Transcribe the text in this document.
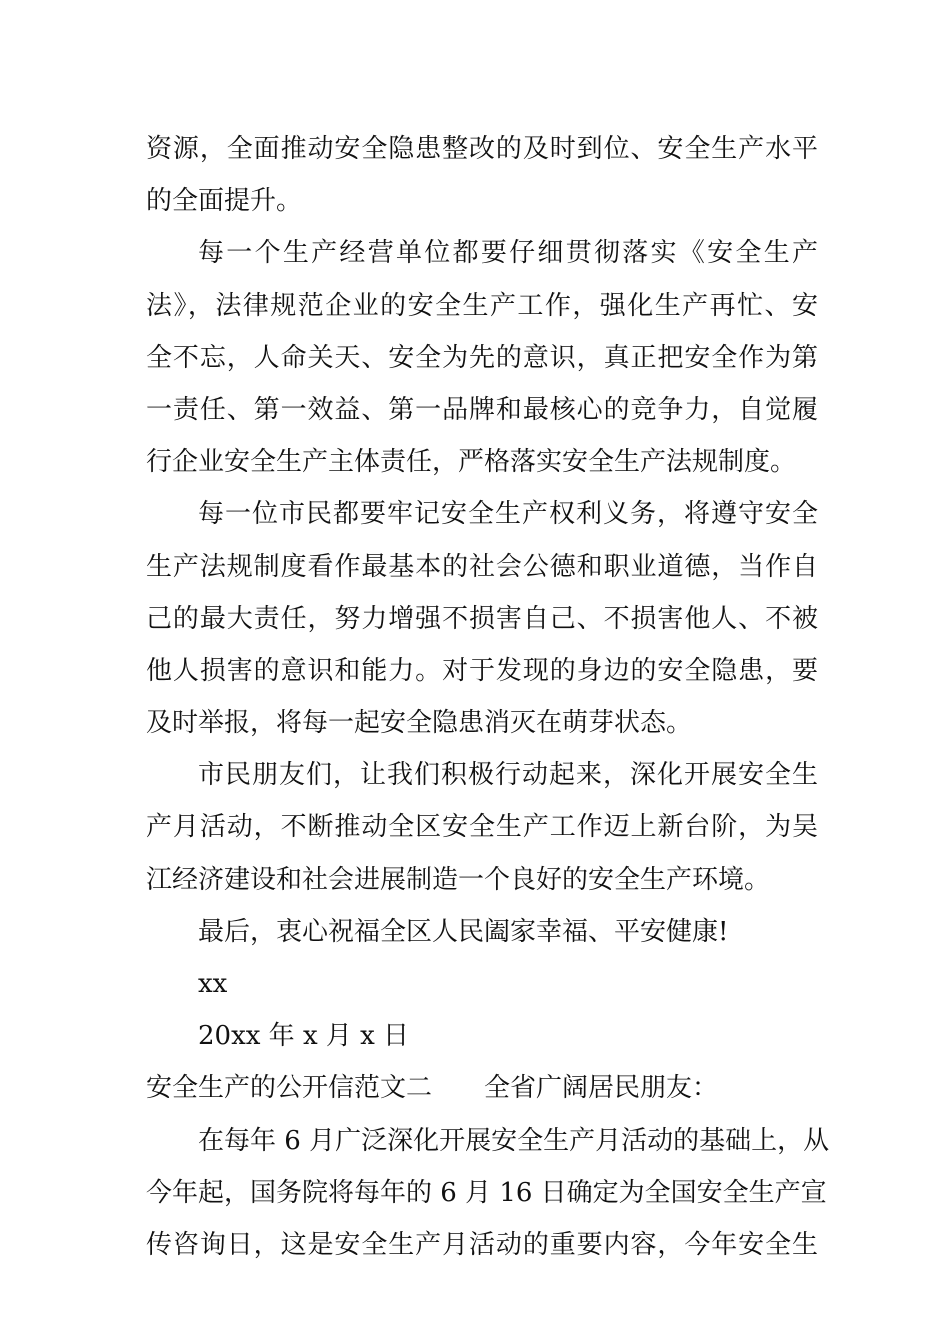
资源，全面推动安全隐患整改的及时到位、安全生产水平
的全面提升。
每一个生产经营单位都要仔细贯彻落实《安全生产
法》，法律规范企业的安全生产工作，强化生产再忙、安
全不忘，人命关天、安全为先的意识，真正把安全作为第
一责任、第一效益、第一品牌和最核心的竞争力，自觉履
行企业安全生产主体责任，严格落实安全生产法规制度。
每一位市民都要牢记安全生产权利义务，将遵守安全
生产法规制度看作最基本的社会公德和职业道德，当作自
己的最大责任，努力增强不损害自己、不损害他人、不被
他人损害的意识和能力。对于发现的身边的安全隐患，要
及时举报，将每一起安全隐患消灭在萌芽状态。
市民朋友们，让我们积极行动起来，深化开展安全生
产月活动，不断推动全区安全生产工作迈上新台阶，为吴
江经济建设和社会进展制造一个良好的安全生产环境。
最后，衷心祝福全区人民阖家幸福、平安健康!
xx
20xx 年 x 月 x 日
安全生产的公开信范文二 全省广阔居民朋友：
在每年 6 月广泛深化开展安全生产月活动的基础上，从
今年起，国务院将每年的 6 月 16 日确定为全国安全生产宣
传咨询日，这是安全生产月活动的重要内容，今年安全生
